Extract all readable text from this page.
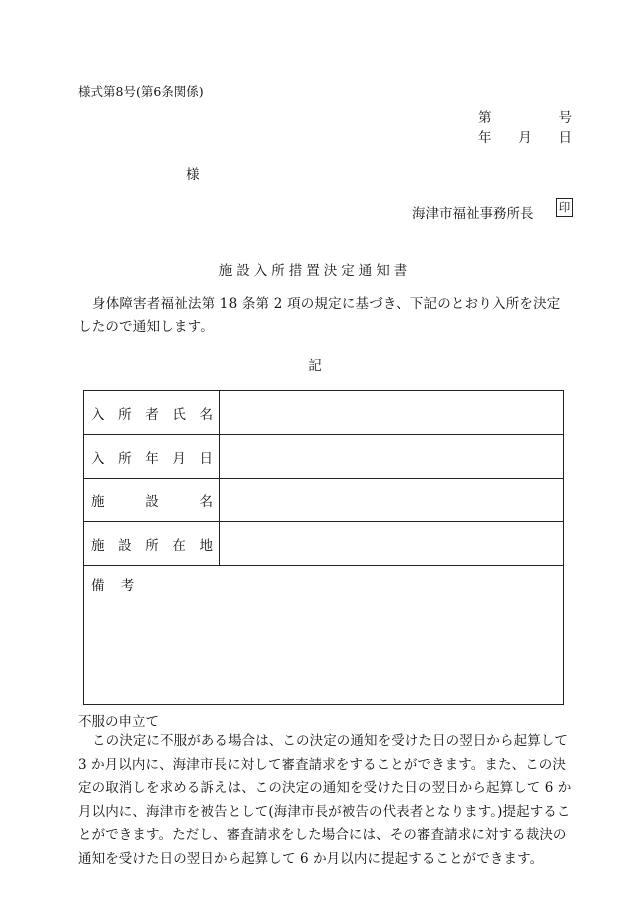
様式第8号(第6条関係)
第	号
年 月 日
様
海津市福祉事務所長 印
施設入所措置決定通知書
身体障害者福祉法第 18 条第 2 項の規定に基づき、下記のとおり入所を決定したので通知します。
記
入 所 者 氏 名
入 所 年 月 日
施	設	名
施 設 所 在 地
備 考
不服の申立て
この決定に不服がある場合は、この決定の通知を受けた日の翌日から起算して 3 か月以内に、海津市長に対して審査請求をすることができます。また、この決定の取消しを求める訴えは、この決定の通知を受けた日の翌日から起算して 6 か月以内に、海津市を被告として(海津市長が被告の代表者となります。)提起することができます。ただし、審査請求をした場合には、その審査請求に対する裁決の通知を受けた日の翌日から起算して 6 か月以内に提起することができます。
